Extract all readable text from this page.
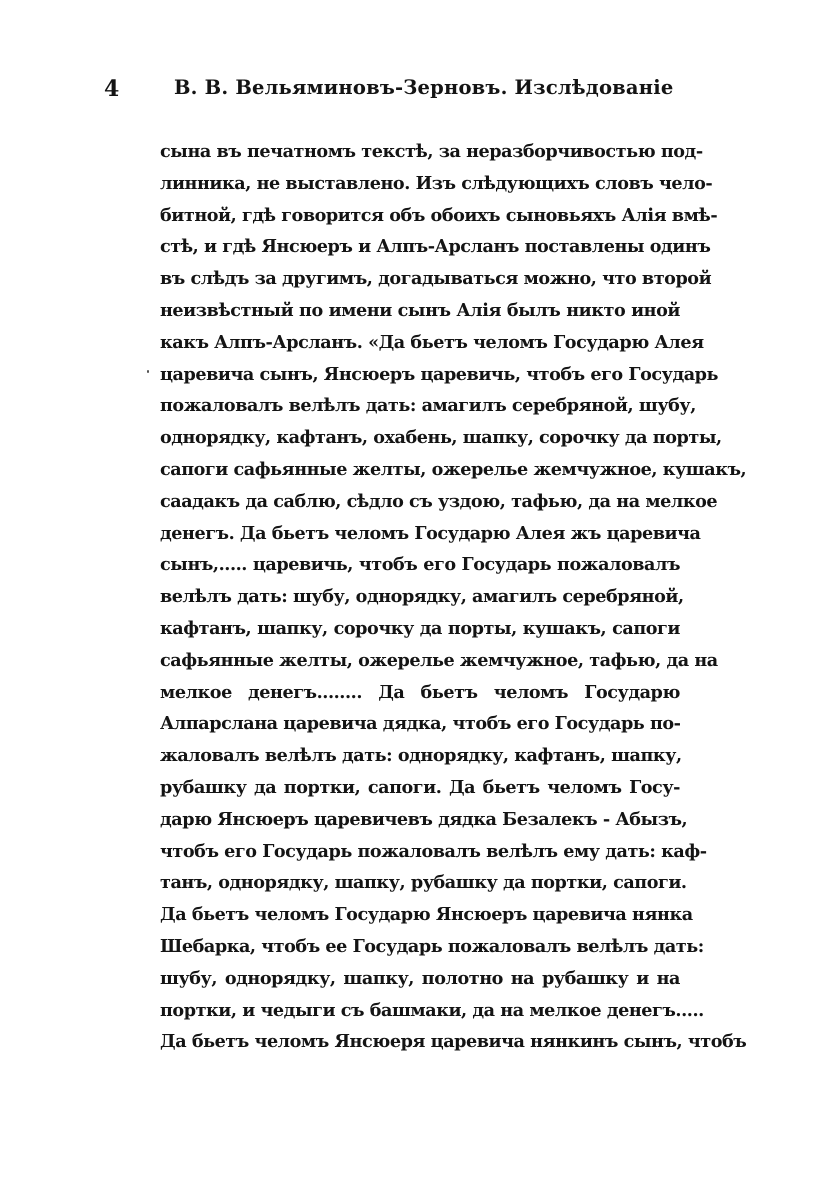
4	В. В. Вельяминовъ-Зерновъ. Изслѣдованіе
сына въ печатномъ текстѣ, за неразборчивостью под-
линника, не выставлено. Изъ слѣдующихъ словъ чело-
битной, гдѣ говорится объ обоихъ сыновьяхъ Алія вмѣ-
стѣ, и гдѣ Янсюеръ и Алпъ-Арсланъ поставлены одинъ
въ слѣдъ за другимъ, догадываться можно, что второй
неизвѣстный по имени сынъ Алія былъ никто иной
какъ Алпъ-Арсланъ. «Да бьетъ челомъ Государю Алея
царевича сынъ, Янсюеръ царевичь, чтобъ его Государь
пожаловалъ велѣлъ дать: амагилъ серебряной, шубу,
однорядку, кафтанъ, охабень, шапку, сорочку да порты,
сапоги сафьянные желты, ожерелье жемчужное, кушакъ,
саадакъ да саблю, сѣдло съ уздою, тафью, да на мелкое
денегъ. Да бьетъ челомъ Государю Алея жъ царевича
сынъ,..... царевичь, чтобъ его Государь пожаловалъ
велѣлъ дать: шубу, однорядку, амагилъ серебряной,
кафтанъ, шапку, сорочку да порты, кушакъ, сапоги
сафьянные желты, ожерелье жемчужное, тафью, да на
мелкое денегъ........ Да бьетъ челомъ Государю
Алпарслана царевича дядка, чтобъ его Государь по-
жаловалъ велѣлъ дать: однорядку, кафтанъ, шапку,
рубашку да портки, сапоги. Да бьетъ челомъ Госу-
дарю Янсюеръ царевичевъ дядка Безалекъ - Абызъ,
чтобъ его Государь пожаловалъ велѣлъ ему дать: каф-
танъ, однорядку, шапку, рубашку да портки, сапоги.
Да бьетъ челомъ Государю Янсюеръ царевича нянка
Шебарка, чтобъ ее Государь пожаловалъ велѣлъ дать:
шубу, однорядку, шапку, полотно на рубашку и на
портки, и чедыги съ башмаки, да на мелкое денегъ.....
Да бьетъ челомъ Янсюеря царевича нянкинъ сынъ, чтобъ
